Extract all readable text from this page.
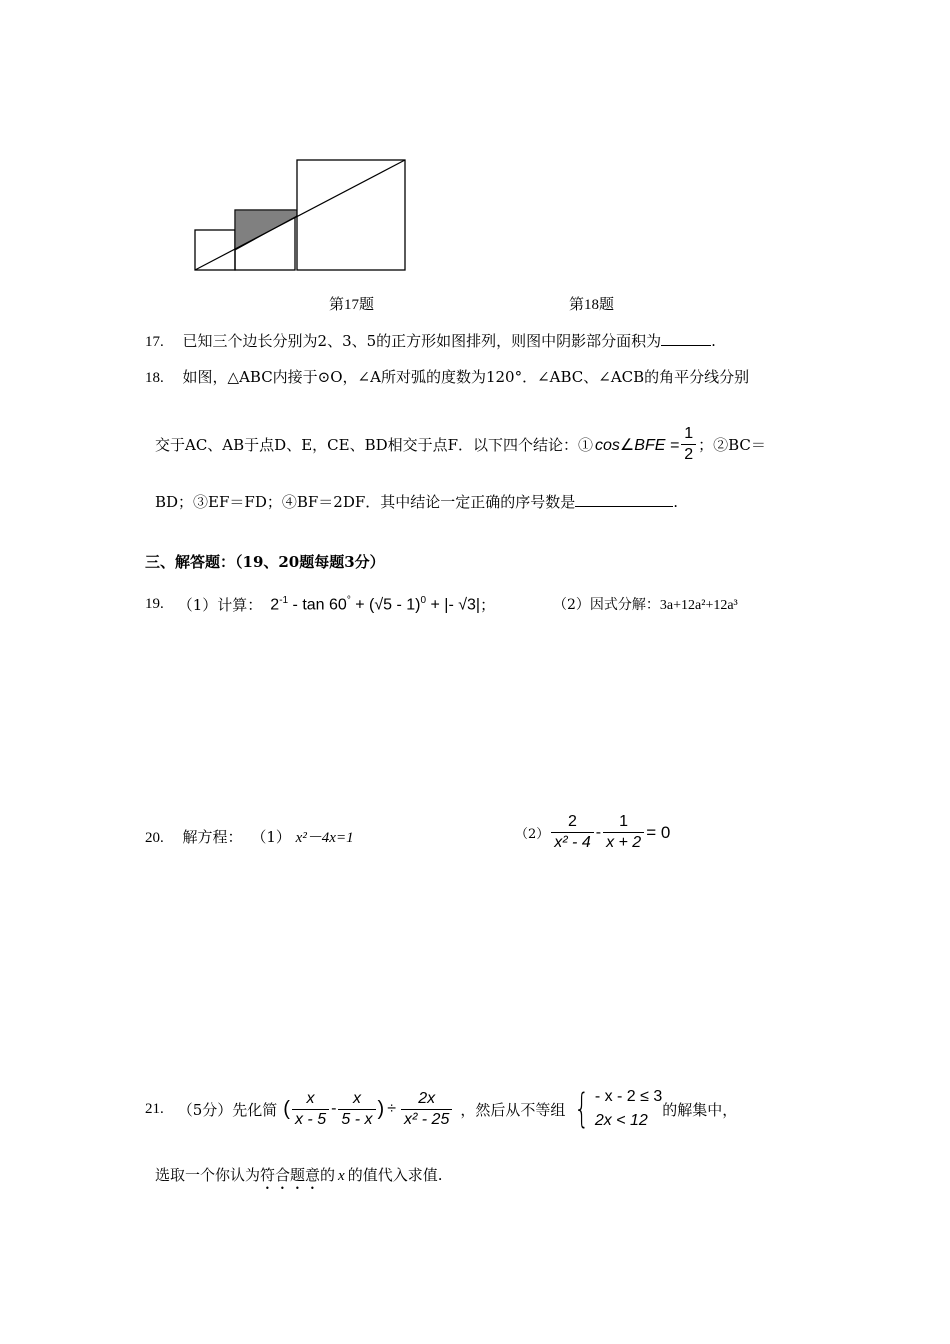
第17题	第18题
17. 已知三个边长分别为2、3、5的正方形如图排列，则图中阴影部分面积为	.
18. 如图，△ABC内接于⊙O，∠A所对弧的度数为120°．∠ABC、∠ACB的角平分线分别
交于AC、AB于点D、E，CE、BD相交于点F．以下四个结论：① cos∠BFE = $\frac{1}{2}$ ；②BC＝
BD；③EF＝FD；④BF＝2DF．其中结论一定正确的序号数是	.
三、解答题：（19、20题每题3分）
19. （1）计算： $2^{-1} - \tan 60^\circ + (√5 - 1)^0$ + |- √3| ；	（2）因式分解：3a+12a²+12a³
20. 解方程： （1） x²－4x=1	$(2) \frac{2}{\text{x² - 4}} - \frac{1}{x + 2} = 0$
21. （5分）先化简 ( $\frac{x}{x - 5} - \frac{x}{5 - x}$ ) ÷ $\frac{2x}{\text{x² - 25}}$ ，然后从不等组 { - x - 2 ≤ 3
2x < 12
的解集中，
选取一个你认为符合题意的 x 的值代入求值.
